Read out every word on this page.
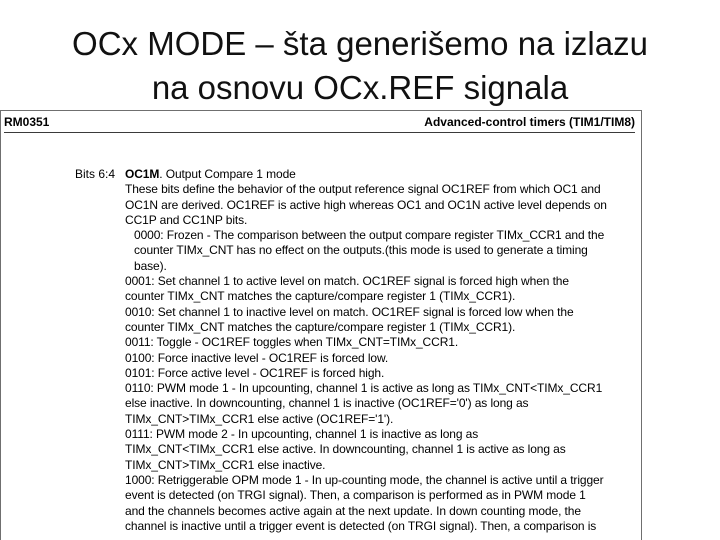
OCx MODE – šta generišemo na izlazu
na osnovu OCx.REF signala
RM0351	Advanced-control timers (TIM1/TIM8)
Bits 6:4 OC1M. Output Compare 1 mode
These bits define the behavior of the output reference signal OC1REF from which OC1 and
OC1N are derived. OC1REF is active high whereas OC1 and OC1N active level depends on
CC1P and CC1NP bits.
0000: Frozen - The comparison between the output compare register TIMx_CCR1 and the
counter TIMx_CNT has no effect on the outputs.(this mode is used to generate a timing
base).
0001: Set channel 1 to active level on match. OC1REF signal is forced high when the
counter TIMx_CNT matches the capture/compare register 1 (TIMx_CCR1).
0010: Set channel 1 to inactive level on match. OC1REF signal is forced low when the
counter TIMx_CNT matches the capture/compare register 1 (TIMx_CCR1).
0011: Toggle - OC1REF toggles when TIMx_CNT=TIMx_CCR1.
0100: Force inactive level - OC1REF is forced low.
0101: Force active level - OC1REF is forced high.
0110: PWM mode 1 - In upcounting, channel 1 is active as long as TIMx_CNT<TIMx_CCR1
else inactive. In downcounting, channel 1 is inactive (OC1REF='0') as long as
TIMx_CNT>TIMx_CCR1 else active (OC1REF='1').
0111: PWM mode 2 - In upcounting, channel 1 is inactive as long as
TIMx_CNT<TIMx_CCR1 else active. In downcounting, channel 1 is active as long as
TIMx_CNT>TIMx_CCR1 else inactive.
1000: Retriggerable OPM mode 1 - In up-counting mode, the channel is active until a trigger
event is detected (on TRGI signal). Then, a comparison is performed as in PWM mode 1
and the channels becomes active again at the next update. In down counting mode, the
channel is inactive until a trigger event is detected (on TRGI signal). Then, a comparison is
